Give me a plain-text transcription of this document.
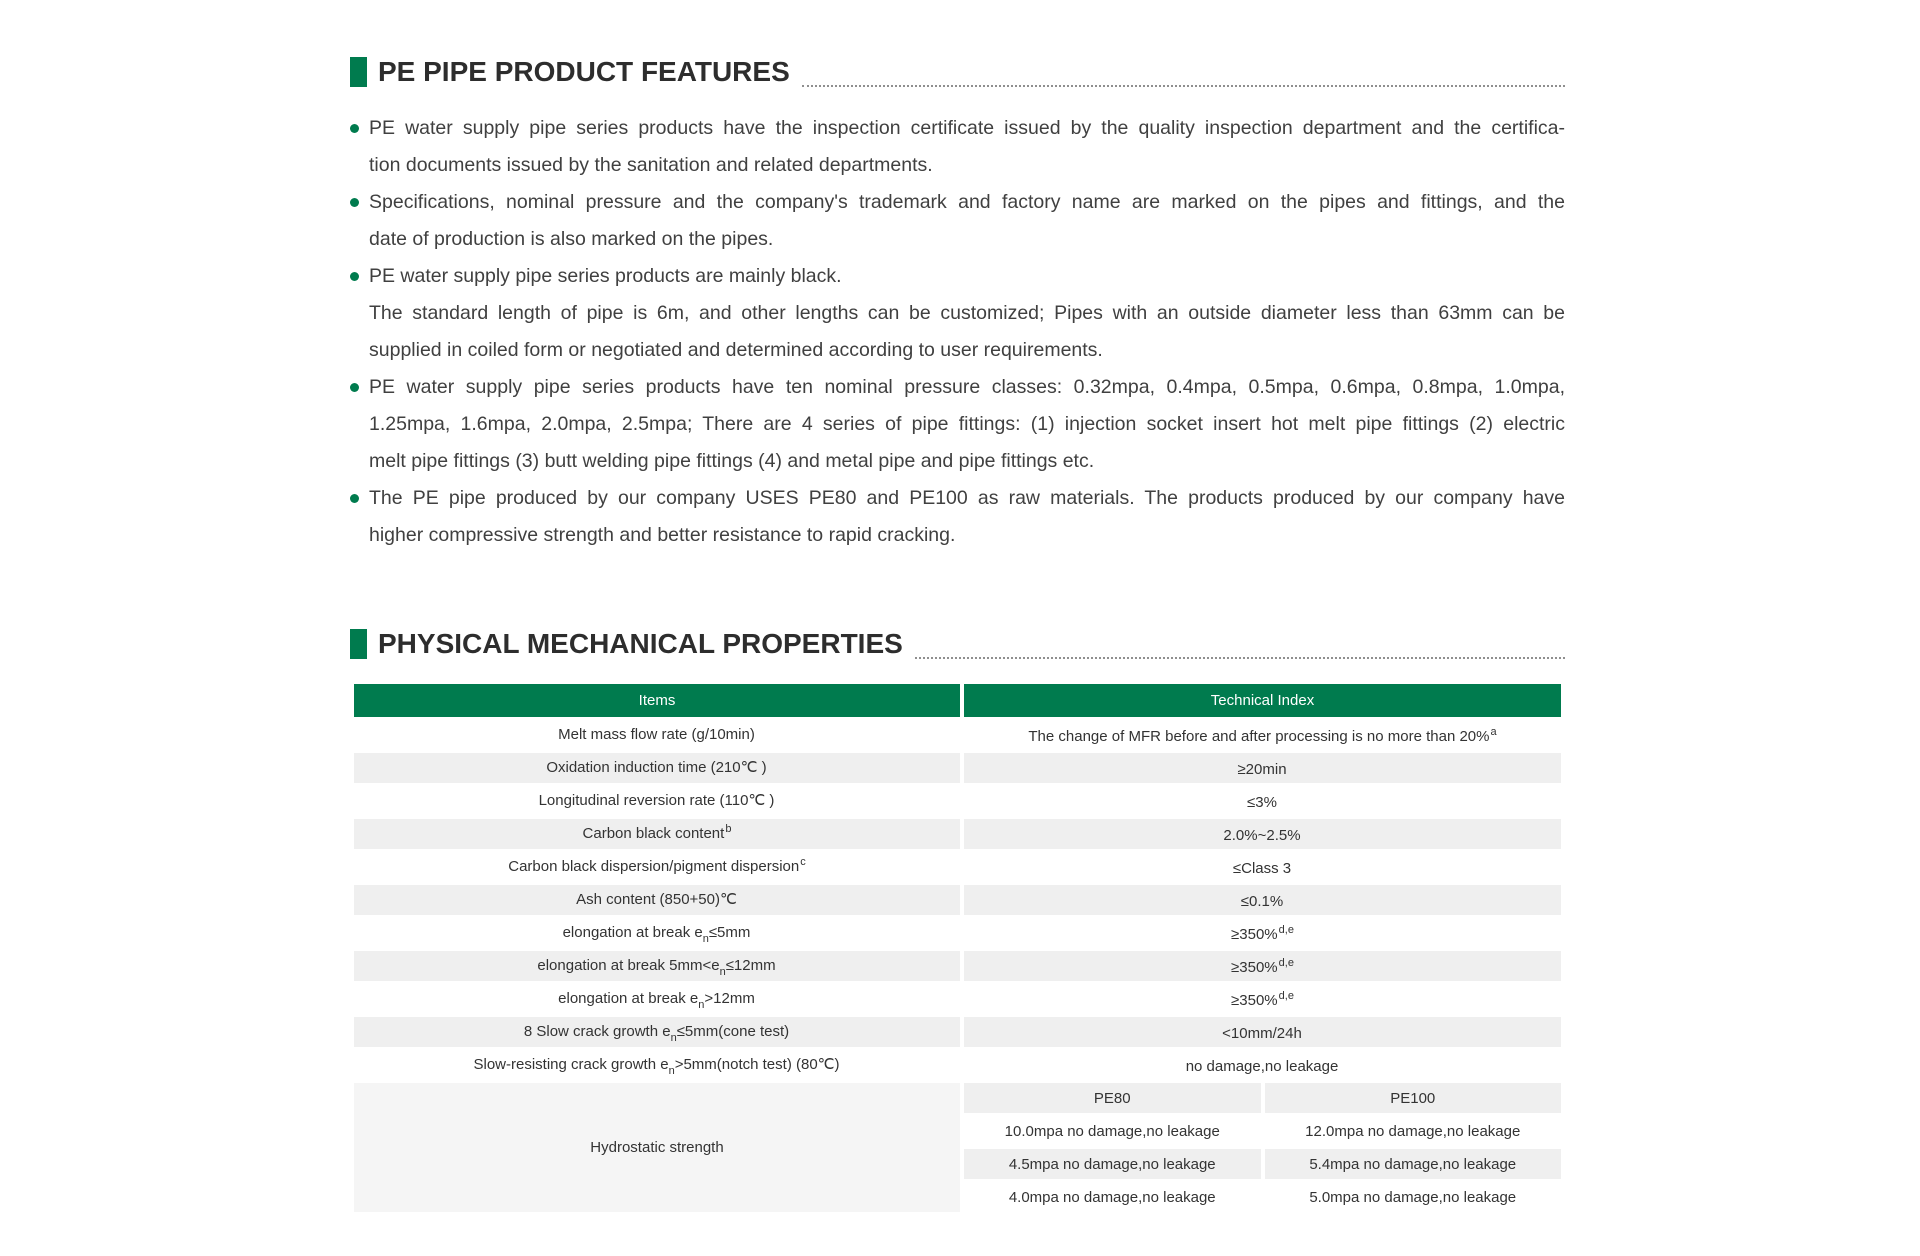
PE PIPE PRODUCT FEATURES
PE water supply pipe series products have the inspection certificate issued by the quality inspection department and the certifica-
tion documents issued by the sanitation and related departments.
Specifications, nominal pressure and the company's trademark and factory name are marked on the pipes and fittings, and the
date of production is also marked on the pipes.
PE water supply pipe series products are mainly black.
The standard length of pipe is 6m, and other lengths can be customized; Pipes with an outside diameter less than 63mm can be
supplied in coiled form or negotiated and determined according to user requirements.
PE water supply pipe series products have ten nominal pressure classes: 0.32mpa, 0.4mpa, 0.5mpa, 0.6mpa, 0.8mpa, 1.0mpa,
1.25mpa, 1.6mpa, 2.0mpa, 2.5mpa; There are 4 series of pipe fittings: (1) injection socket insert hot melt pipe fittings (2) electric
melt pipe fittings (3) butt welding pipe fittings (4) and metal pipe and pipe fittings etc.
The PE pipe produced by our company USES PE80 and PE100 as raw materials. The products produced by our company have
higher compressive strength and better resistance to rapid cracking.
PHYSICAL MECHANICAL PROPERTIES
Items	Technical Index	
Melt mass flow rate (g/10min)	The change of MFR before and after processing is no more than 20%$^a$
Oxidation induction time (210℃ )	≥20min	
Longitudinal reversion rate (110℃ )	≤3%	
Carbon black content$^b$	2.0%~2.5%	
Carbon black dispersion/pigment dispersion$^c$	≤Class 3	
Ash content (850+50)℃	≤0.1%	
elongation at break $e_n\le 5mm$	≥350%$^{d,e}$
elongation at break $5mm<e_n\le 12mm$	≥350%$^{d,e}$
elongation at break $e_n>12mm$	≥350%$^{d,e}$
8 Slow crack growth $e_n\le 5mm(cone$ test)	<10mm/24h	
Slow-resisting crack growth $e_n>5mm(notch$ test) (80℃)	no damage,no leakage	
Hydrostatic strength	PE80	PE100
	10.0mpa no damage,no leakage	12.0mpa no damage,no leakage
	4.5mpa no damage,no leakage	5.4mpa no damage,no leakage
	4.0mpa no damage,no leakage	5.0mpa no damage,no leakage
